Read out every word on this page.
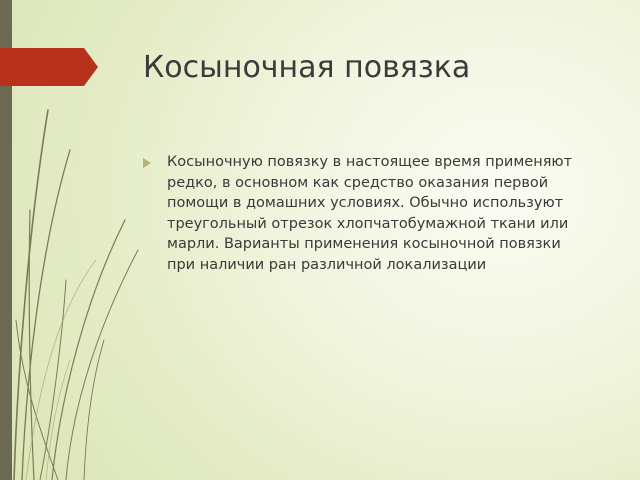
Косыночная повязка
Косыночную повязку в настоящее время применяют редко, в основном как средство оказания первой помощи в домашних условиях. Обычно используют треугольный отрезок хлопчатобумажной ткани или марли. Варианты применения косыночной повязки при наличии ран различной локализации
